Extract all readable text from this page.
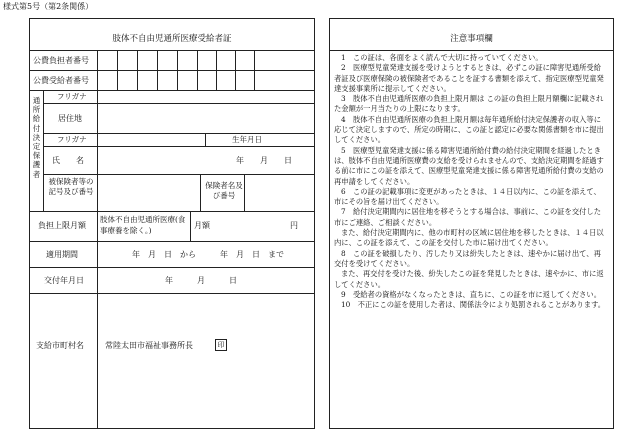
様式第5号（第2条関係）
肢体不自由児通所医療受給者証
公費負担者番号
公費受給者番号
通所給付決定保護者
フリガナ
居住地
フリガナ	生年月日
氏　　名	年　　月　　日
被保険者等の記号及び番号
保険者名及び番号
負担上限月額
肢体不自由児通所医療(食事療養を除く。)
月額	円
適用期間	年　月　日　から　　　年　月　日　まで
交付年月日	年　　　月　　　日
支給市町村名	常陸太田市福祉事務所長	印
注意事項欄

1　この証は、各面をよく読んで大切に持っていてください。

2　医療型児童発達支援を受けようとするときは、必ずこの証に障害児通所受給者証及び医療保険の被保険者であることを証する書類を添えて、指定医療型児童発達支援事業所に提示してください。

3　肢体不自由児通所医療の負担上限月額は この証の負担上限月額欄に記載された金額が一月当たりの上限になります。

4　肢体不自由児通所医療の負担上限月額は毎年通所給付決定保護者の収入等に応じて決定しますので、所定の時期に、この証と認定に必要な関係書類を市に提出してください。

5　医療型児童発達支援に係る障害児通所給付費の給付決定期間を経過したときは、肢体不自由児通所医療費の支給を受けられませんので、支給決定期間を経過する前に市にこの証を添えて、医療型児童発達支援に係る障害児通所給付費の支給の再申請をしてください。

6　この証の記載事項に変更があったときは、１４日以内に、この証を添えて、市にその旨を届け出てください。

7　給付決定期間内に居住地を移そうとする場合は、事前に、この証を交付した市にご連絡、ご相談ください。

また、給付決定期間内に、他の市町村の区域に居住地を移したときは、１４日以内に、この証を添えて、この証を交付した市に届け出てください。

8　この証を破損したり、汚したり又は紛失したときは、速やかに届け出て、再交付を受けてください。

また、再交付を受けた後、紛失したこの証を発見したときは、速やかに、市に返してください。

9　受給者の資格がなくなったときは、直ちに、この証を市に返してください。

10　不正にこの証を使用した者は、関係法令により処罰されることがあります。
